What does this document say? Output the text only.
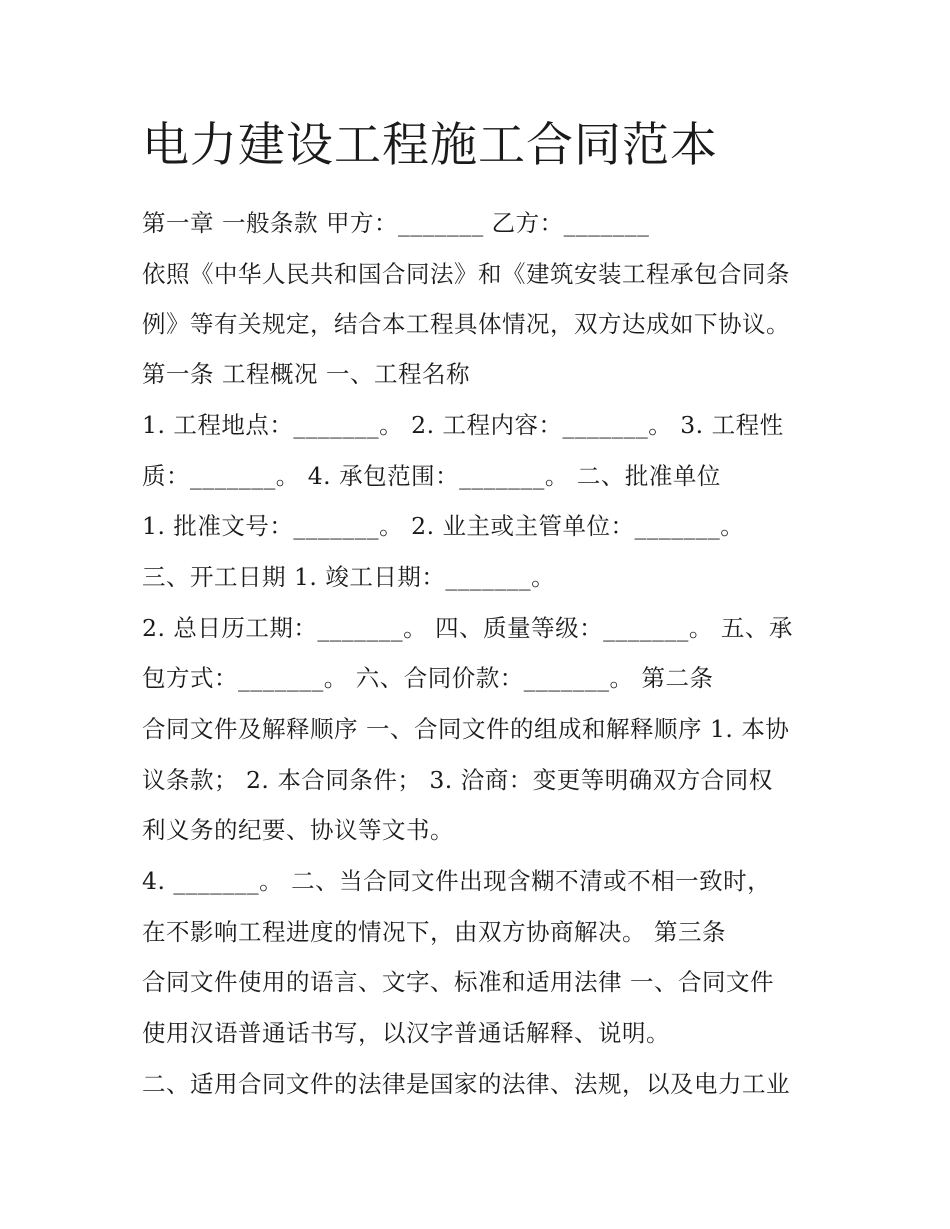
电力建设工程施工合同范本
第一章 一般条款 甲方：_______ 乙方：_______
依照《中华人民共和国合同法》和《建筑安装工程承包合同条
例》等有关规定，结合本工程具体情况，双方达成如下协议。
第一条 工程概况 一、工程名称
1. 工程地点：_______。 2. 工程内容：_______。 3. 工程性
质：_______。 4. 承包范围：_______。 二、批准单位
1. 批准文号：_______。 2. 业主或主管单位：_______。
三、开工日期 1. 竣工日期：_______。
2. 总日历工期：_______。 四、质量等级：_______。 五、承
包方式：_______。 六、合同价款：_______。 第二条
合同文件及解释顺序 一、合同文件的组成和解释顺序 1. 本协
议条款； 2. 本合同条件； 3. 洽商：变更等明确双方合同权
利义务的纪要、协议等文书。
4. _______。 二、当合同文件出现含糊不清或不相一致时，
在不影响工程进度的情况下，由双方协商解决。 第三条
合同文件使用的语言、文字、标准和适用法律 一、合同文件
使用汉语普通话书写，以汉字普通话解释、说明。
二、适用合同文件的法律是国家的法律、法规，以及电力工业
